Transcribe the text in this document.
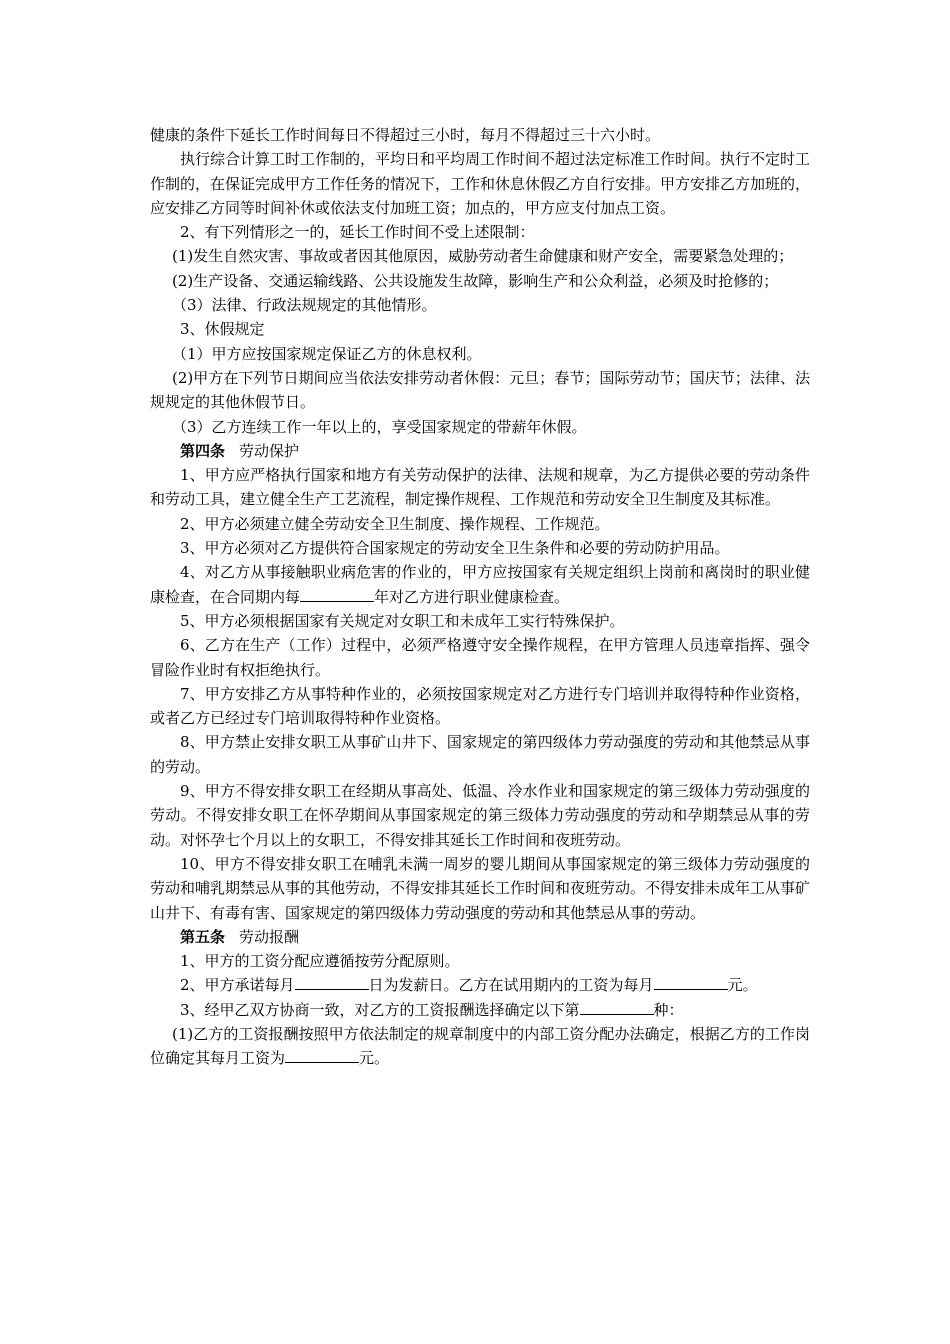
健康的条件下延长工作时间每日不得超过三小时，每月不得超过三十六小时。

执行综合计算工时工作制的，平均日和平均周工作时间不超过法定标准工作时间。执行不定时工作制的，在保证完成甲方工作任务的情况下，工作和休息休假乙方自行安排。甲方安排乙方加班的，应安排乙方同等时间补休或依法支付加班工资；加点的，甲方应支付加点工资。

2、有下列情形之一的，延长工作时间不受上述限制：

(1)发生自然灾害、事故或者因其他原因，威胁劳动者生命健康和财产安全，需要紧急处理的；

(2)生产设备、交通运输线路、公共设施发生故障，影响生产和公众利益，必须及时抢修的；

（3）法律、行政法规规定的其他情形。

3、休假规定

（1）甲方应按国家规定保证乙方的休息权利。

(2)甲方在下列节日期间应当依法安排劳动者休假：元旦；春节；国际劳动节；国庆节；法律、法规规定的其他休假节日。

（3）乙方连续工作一年以上的，享受国家规定的带薪年休假。

第四条 劳动保护

1、甲方应严格执行国家和地方有关劳动保护的法律、法规和规章，为乙方提供必要的劳动条件和劳动工具，建立健全生产工艺流程，制定操作规程、工作规范和劳动安全卫生制度及其标准。

2、甲方必须建立健全劳动安全卫生制度、操作规程、工作规范。

3、甲方必须对乙方提供符合国家规定的劳动安全卫生条件和必要的劳动防护用品。

4、对乙方从事接触职业病危害的作业的，甲方应按国家有关规定组织上岗前和离岗时的职业健康检查，在合同期内每	年对乙方进行职业健康检查。

5、甲方必须根据国家有关规定对女职工和未成年工实行特殊保护。

6、乙方在生产（工作）过程中，必须严格遵守安全操作规程，在甲方管理人员违章指挥、强令冒险作业时有权拒绝执行。

7、甲方安排乙方从事特种作业的，必须按国家规定对乙方进行专门培训并取得特种作业资格，或者乙方已经过专门培训取得特种作业资格。

8、甲方禁止安排女职工从事矿山井下、国家规定的第四级体力劳动强度的劳动和其他禁忌从事的劳动。

9、甲方不得安排女职工在经期从事高处、低温、冷水作业和国家规定的第三级体力劳动强度的劳动。不得安排女职工在怀孕期间从事国家规定的第三级体力劳动强度的劳动和孕期禁忌从事的劳动。对怀孕七个月以上的女职工，不得安排其延长工作时间和夜班劳动。

10、甲方不得安排女职工在哺乳未满一周岁的婴儿期间从事国家规定的第三级体力劳动强度的劳动和哺乳期禁忌从事的其他劳动，不得安排其延长工作时间和夜班劳动。不得安排未成年工从事矿山井下、有毒有害、国家规定的第四级体力劳动强度的劳动和其他禁忌从事的劳动。

第五条 劳动报酬

1、甲方的工资分配应遵循按劳分配原则。

2、甲方承诺每月	日为发薪日。乙方在试用期内的工资为每月	元。

3、经甲乙双方协商一致，对乙方的工资报酬选择确定以下第	种：

(1)乙方的工资报酬按照甲方依法制定的规章制度中的内部工资分配办法确定，根据乙方的工作岗位确定其每月工资为	元。
